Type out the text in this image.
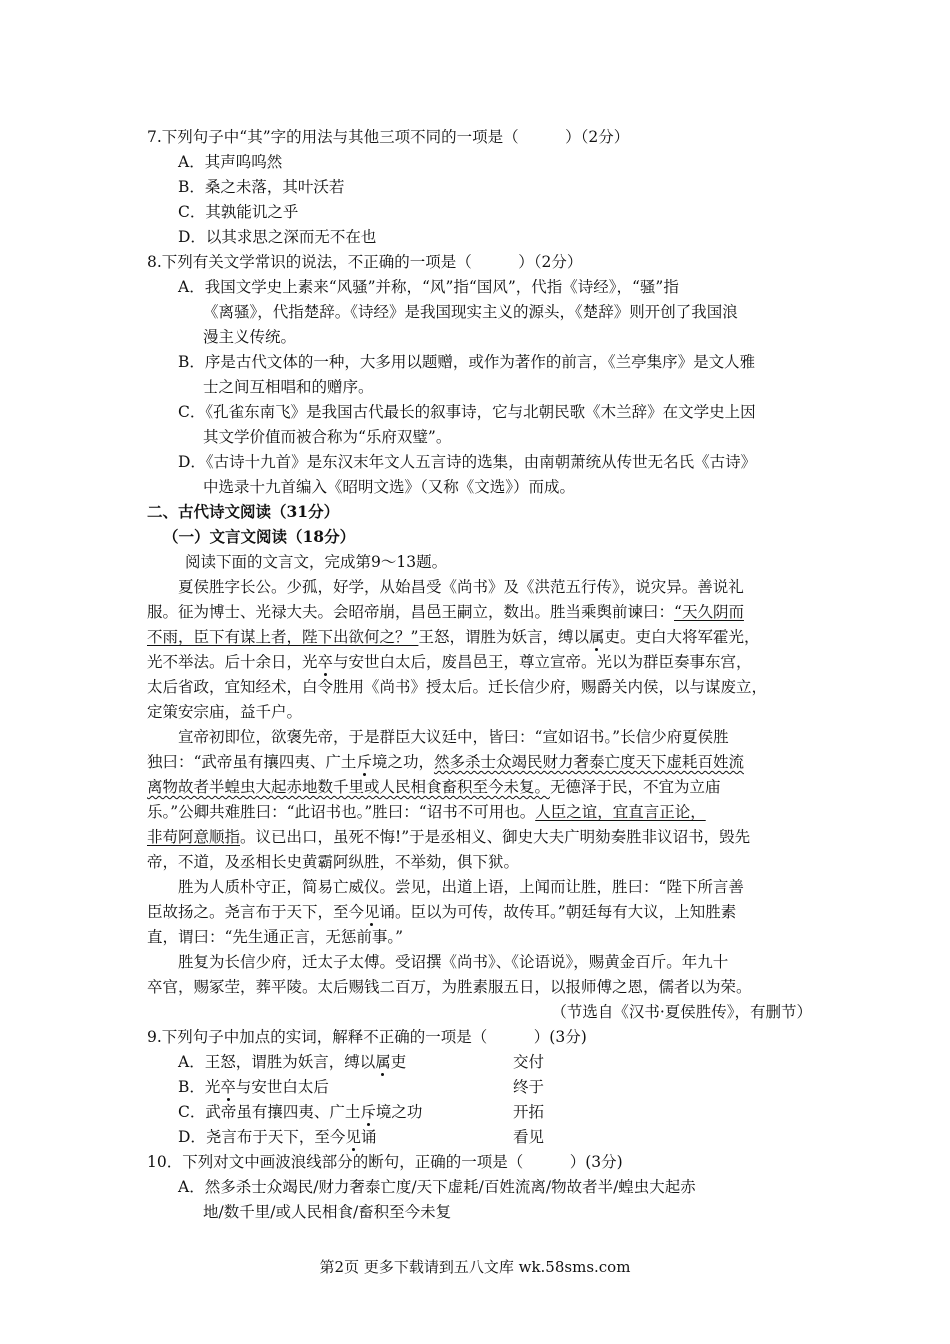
7.下列句子中“其”字的用法与其他三项不同的一项是（　　　）（2分）
A．其声呜呜然
B．桑之未落，其叶沃若
C．其孰能讥之乎
D．以其求思之深而无不在也
8.下列有关文学常识的说法，不正确的一项是（　　　）（2分）
A．我国文学史上素来“风骚”并称，“风”指“国风”，代指《诗经》，“骚”指
《离骚》，代指楚辞。《诗经》是我国现实主义的源头，《楚辞》则开创了我国浪
漫主义传统。
B．序是古代文体的一种，大多用以题赠，或作为著作的前言，《兰亭集序》是文人雅
士之间互相唱和的赠序。
C．《孔雀东南飞》是我国古代最长的叙事诗，它与北朝民歌《木兰辞》在文学史上因
其文学价值而被合称为“乐府双璧”。
D．《古诗十九首》是东汉末年文人五言诗的选集，由南朝萧统从传世无名氏《古诗》
中选录十九首编入《昭明文选》（又称《文选》）而成。
二、古代诗文阅读（31分）
（一）文言文阅读（18分）
阅读下面的文言文，完成第9～13题。
夏侯胜字长公。少孤，好学，从始昌受《尚书》及《洪范五行传》，说灾异。善说礼
服。征为博士、光禄大夫。会昭帝崩，昌邑王嗣立，数出。胜当乘舆前谏曰：“天久阴而
不雨，臣下有谋上者，陛下出欲何之？”王怒，谓胜为妖言，缚以属吏。吏白大将军霍光，
光不举法。后十余日，光卒与安世白太后，废昌邑王，尊立宣帝。光以为群臣奏事东宫，
太后省政，宜知经术，白令胜用《尚书》授太后。迁长信少府，赐爵关内侯，以与谋废立，
定策安宗庙，益千户。
宣帝初即位，欲褒先帝，于是群臣大议廷中，皆曰：“宣如诏书。”长信少府夏侯胜
独曰：“武帝虽有攘四夷、广土斥境之功，然多杀士众竭民财力奢泰亡度天下虚耗百姓流
离物故者半蝗虫大起赤地数千里或人民相食畜积至今未复。无德泽于民，不宜为立庙
乐。”公卿共难胜曰：“此诏书也。”胜曰：“诏书不可用也。人臣之谊，宜直言正论，
非苟阿意顺指。议已出口，虽死不悔!”于是丞相义、御史大夫广明劾奏胜非议诏书，毁先
帝，不道，及丞相长史黄霸阿纵胜，不举劾，俱下狱。
胜为人质朴守正，简易亡威仪。尝见，出道上语，上闻而让胜，胜曰：“陛下所言善
臣故扬之。尧言布于天下，至今见诵。臣以为可传，故传耳。”朝廷每有大议，上知胜素
直，谓曰：“先生通正言，无惩前事。”
胜复为长信少府，迁太子太傅。受诏撰《尚书》、《论语说》，赐黄金百斤。年九十
卒官，赐冢茔，葬平陵。太后赐钱二百万，为胜素服五日，以报师傅之恩，儒者以为荣。
（节选自《汉书·夏侯胜传》，有删节）
9.下列句子中加点的实词，解释不正确的一项是（　　　）(3分)
A．王怒，谓胜为妖言，缚以属吏	交付
B．光卒与安世白太后	终于
C．武帝虽有攘四夷、广土斥境之功	开拓
D．尧言布于天下，至今见诵	看见
10．下列对文中画波浪线部分的断句，正确的一项是（　　　）(3分)
A．然多杀士众竭民/财力奢泰亡度/天下虚耗/百姓流离/物故者半/蝗虫大起赤
地/数千里/或人民相食/畜积至今未复
第2页 更多下载请到五八文库 wk.58sms.com
